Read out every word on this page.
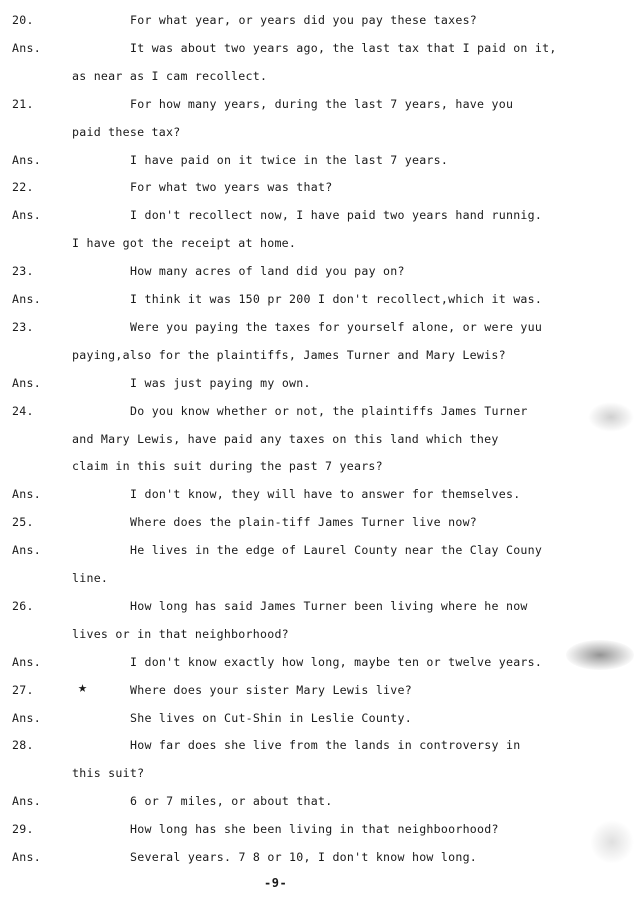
20.	For what year, or years did you pay these taxes?
Ans.	It was about two years ago, the last tax that I paid on it,
as near as I cam recollect.
21.	For how many years, during the last 7 years, have you
paid these tax?
Ans.	I have paid on it twice in the last 7 years.
22.	For what two years was that?
Ans.	I don't recollect now, I have paid two years hand runnig.
I have got the receipt at home.
23.	How many acres of land did you pay on?
Ans.	I think it was 150 pr 200 I don't recollect,which it was.
23.	Were you paying the taxes for yourself alone, or were yuu
paying,also for the plaintiffs, James Turner and Mary Lewis?
Ans.	I was just paying my own.
24.	Do you know whether or not, the plaintiffs James Turner
and Mary Lewis, have paid any taxes on this land which they
claim in this suit during the past 7 years?
Ans.	I don't know, they will have to answer for themselves.
25.	Where does the plain-tiff James Turner live now?
Ans.	He lives in the edge of Laurel County near the Clay Couny
line.
26.	How long has said James Turner been living where he now
lives or in that neighborhood?
Ans.	I don't know exactly how long, maybe ten or twelve years.
27.	Where does your sister Mary Lewis live?
Ans.	She lives on Cut-Shin in Leslie County.
28.	How far does she live from the lands in controversy in
this suit?
Ans.	6 or 7 miles, or about that.
29.	How long has she been living in that neighboorhood?
Ans.	Several years. 7 8 or 10, I don't know how long.
★
-9-
